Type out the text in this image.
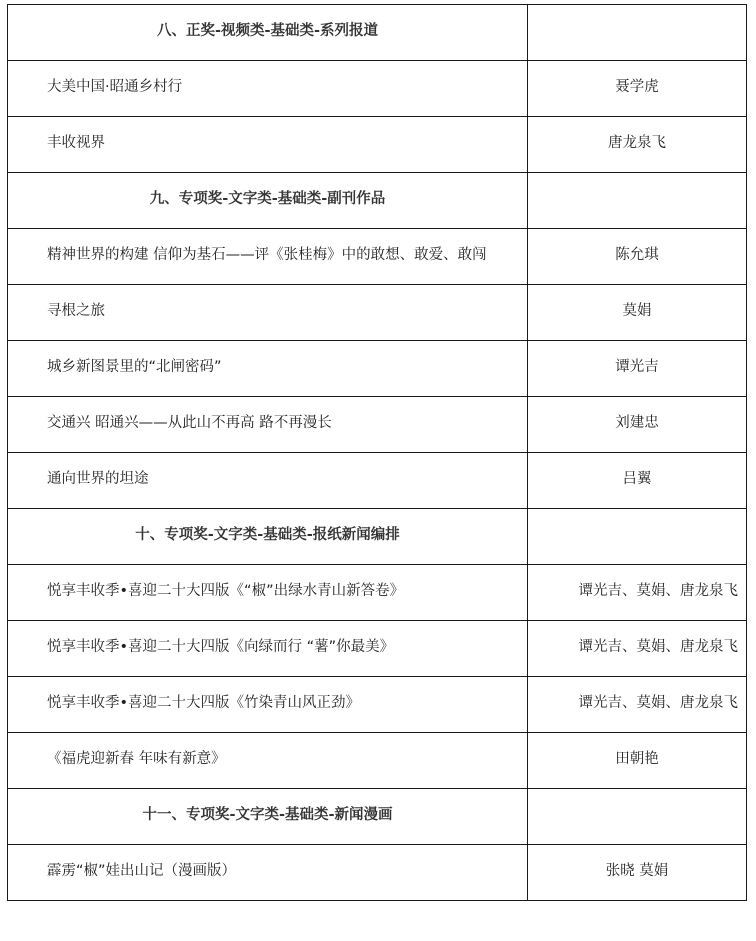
八、正奖-视频类-基础类-系列报道	

大美中国·昭通乡村行	聂学虎

丰收视界	唐龙泉飞

九、专项奖-文字类-基础类-副刊作品	

精神世界的构建 信仰为基石——评《张桂梅》中的敢想、敢爱、敢闯	陈允琪

寻根之旅	莫娟

城乡新图景里的“北闸密码”	谭光吉

交通兴 昭通兴——从此山不再高 路不再漫长	刘建忠

通向世界的坦途	吕翼

十、专项奖-文字类-基础类-报纸新闻编排	

悦享丰收季•喜迎二十大四版《“椒”出绿水青山新答卷》	谭光吉、莫娟、唐龙泉飞

悦享丰收季•喜迎二十大四版《向绿而行 “薯”你最美》	谭光吉、莫娟、唐龙泉飞

悦享丰收季•喜迎二十大四版《竹染青山风正劲》	谭光吉、莫娟、唐龙泉飞

《福虎迎新春 年味有新意》	田朝艳

十一、专项奖-文字类-基础类-新闻漫画	

霹雳“椒”娃出山记（漫画版）	张晓 莫娟
